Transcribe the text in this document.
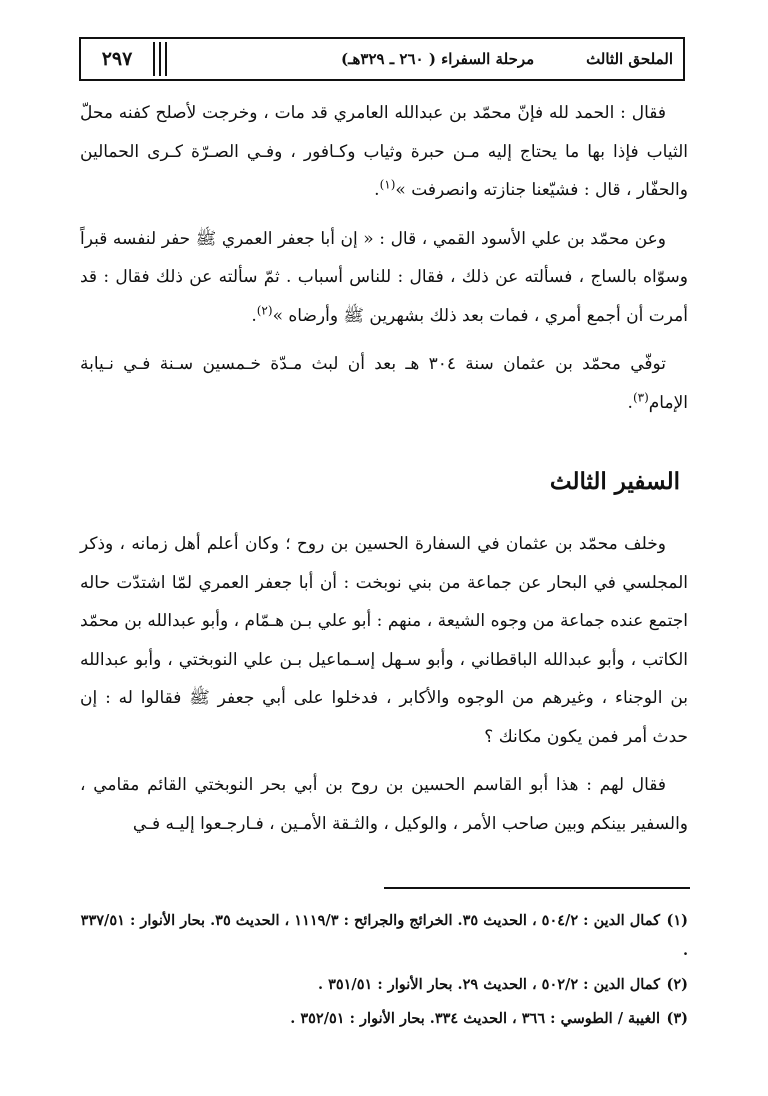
٢٩٧	مرحلة السفراء ( ٢٦٠ ـ ٣٢٩هـ)	الملحق الثالث

فقال : الحمد لله فإنّ محمّد بن عبدالله العامري قد مات ، وخرجت لأصلح كفنه محلّ الثياب فإذا بها ما يحتاج إليه مـن حبرة وثياب وكـافور ، وفـي الصـرّة كـرى الحمالين والحفّار ، قال : فشيّعنا جنازته وانصرفت »$^{(١)}$.

وعن محمّد بن علي الأسود القمي ، قال : « إن أبا جعفر العمري ﷺ حفر لنفسه قبراً وسوّاه بالساج ، فسألته عن ذلك ، فقال : للناس أسباب . ثمّ سألته عن ذلك فقال : قد أمرت أن أجمع أمري ، فمات بعد ذلك بشهرين ﷺ وأرضاه »$^{(٢)}$.

توفّي محمّد بن عثمان سنة ٣٠٤ هـ بعد أن لبث مـدّة خـمسين سـنة فـي نـيابة الإمام$^{(٣)}$.

السفير الثالث

وخلف محمّد بن عثمان في السفارة الحسين بن روح ؛ وكان أعلم أهل زمانه ، وذكر المجلسي في البحار عن جماعة من بني نوبخت : أن أبا جعفر العمري لمّا اشتدّت حاله اجتمع عنده جماعة من وجوه الشيعة ، منهم : أبو علي بـن هـمّام ، وأبو عبدالله بن محمّد الكاتب ، وأبو عبدالله الباقطاني ، وأبو سـهل إسـماعيل بـن علي النوبختي ، وأبو عبدالله بن الوجناء ، وغيرهم من الوجوه والأكابر ، فدخلوا على أبي جعفر ﷺ فقالوا له : إن حدث أمر فمن يكون مكانك ؟

فقال لهم : هذا أبو القاسم الحسين بن روح بن أبي بحر النوبختي القائم مقامي ، والسفير بينكم وبين صاحب الأمر ، والوكيل ، والثـقة الأمـين ، فـارجـعوا إليـه فـي

(١)كمال الدين : ٥٠٤/٢ ، الحديث ٣٥. الخرائج والجرائح : ١١١٩/٣ ، الحديث ٣٥. بحار الأنوار : ٣٣٧/٥١ .

(٢)كمال الدين : ٥٠٢/٢ ، الحديث ٢٩. بحار الأنوار : ٣٥١/٥١ .

(٣)الغيبة / الطوسي : ٣٦٦ ، الحديث ٣٣٤. بحار الأنوار : ٣٥٢/٥١ .
